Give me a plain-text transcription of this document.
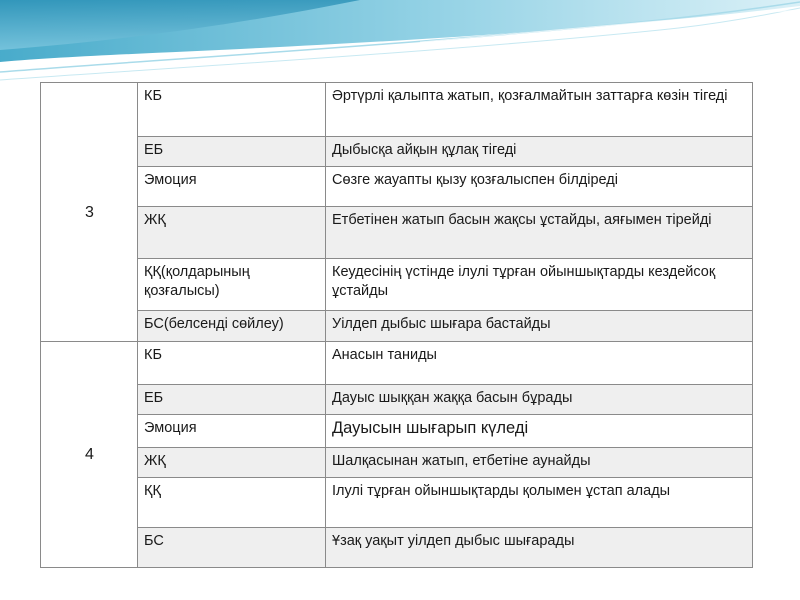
3	КБ	Әртүрлі қалыпта жатып, қозғалмайтын заттарға көзін тігеді
	ЕБ	Дыбысқа айқын құлақ тігеді
	Эмоция	Сөзге жауапты қызу қозғалыспен білдіреді
	ЖҚ	Етбетінен жатып басын жақсы ұстайды, аяғымен тірейді
	ҚҚ(қолдарының қозғалысы)	Кеудесінің үстінде ілулі тұрған ойыншықтарды кездейсоқ ұстайды
	БС(белсенді сөйлеу)	Уілдеп дыбыс шығара бастайды
4	КБ	Анасын таниды
	ЕБ	Дауыс шыққан жаққа басын бұрады
	Эмоция	Дауысын шығарып күледі
	ЖҚ	Шалқасынан жатып, етбетіне аунайды
	ҚҚ	Ілулі тұрған ойыншықтарды қолымен ұстап алады
	БС	Ұзақ уақыт уілдеп дыбыс шығарады
